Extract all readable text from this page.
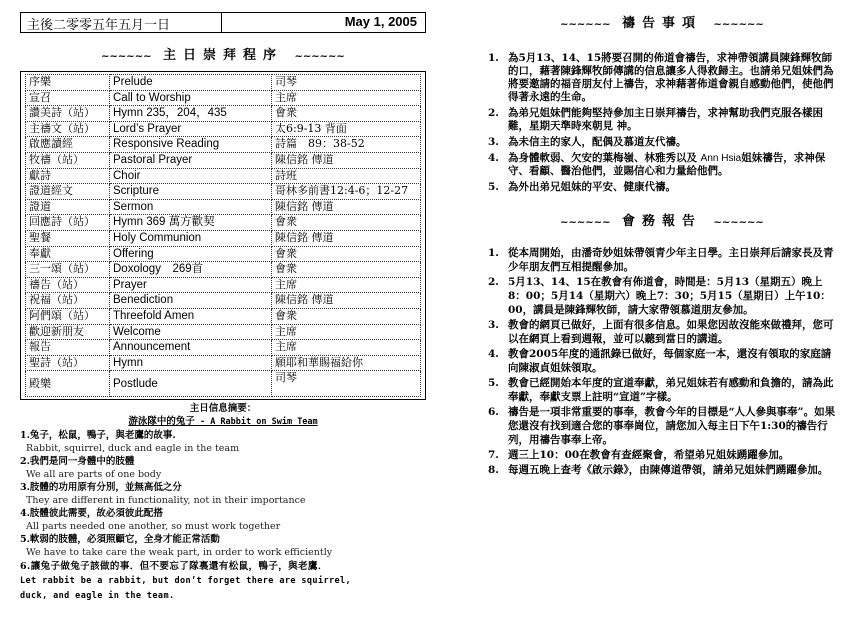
主後二零零五年五月一日	May 1, 2005
~~~~~~ 主日崇拜程序 ~~~~~~
序樂	Prelude	司琴
宣召	Call to Worship	主席
讚美詩（站）	Hymn 235，204，435	會衆
主禱文（站）	Lord’s Prayer	太6:9-13 背面
啟應讀經	Responsive Reading	詩篇　89：38-52
牧禱（站）	Pastoral Prayer	陳信銘 傳道
獻詩	Choir	詩班
證道經文	Scripture	哥林多前書12:4-6；12-27
證道	Sermon	陳信銘 傳道
回應詩（站）	Hymn 369 萬方歡契	會衆
聖餐	Holy Communion	陳信銘 傳道
奉獻	Offering	會衆
三一頌（站）	Doxology　269首	會衆
禱告（站）	Prayer	主席
祝福（站）	Benediction	陳信銘 傳道
阿們頌（站）	Threefold Amen	會衆
歡迎新朋友	Welcome	主席
報告	Announcement	主席
聖詩（站）	Hymn	願耶和華賜福給你
殿樂	Postlude	司琴
主日信息摘要：
游泳隊中的兔子 - A Rabbit on Swim Team
1.兔子，松鼠，鴨子，與老鷹的故事.
Rabbit, squirrel, duck and eagle in the team
2.我們是同一身體中的肢體
We all are parts of one body
3.肢體的功用原有分別，並無高低之分
They are different in functionality, not in their importance
4.肢體彼此需要，故必須彼此配搭
All parts needed one another, so must work together
5.軟弱的肢體，必須照顧它，全身才能正常活動
We have to take care the weak part, in order to work efficiently
6.讓兔子做兔子該做的事．但不要忘了隊裏還有松鼠，鴨子，與老鷹．
Let rabbit be a rabbit, but don’t forget there are squirrel,
duck, and eagle in the team.
~~~~~~ 禱告事項 ~~~~~~
1. 為5月13、14、15將要召開的佈道會禱告，求神帶領講員陳鋒輝牧師的口，藉著陳鋒輝牧師傳講的信息讓多人得救歸主。也請弟兄姐妹們為將要邀請的福音朋友付上禱告，求神藉著佈道會親自感動他們，使他們得著永遠的生命。
2. 為弟兄姐妹們能夠堅持參加主日崇拜禱告，求神幫助我們克服各樣困難，星期天準時來朝見 神。
3. 為未信主的家人，配偶及慕道友代禱。
4. 為身體軟弱、欠安的葉梅嶺、林雅秀以及 Ann Hsia姐妹禱告，求神保守、看顧、醫治他們，並賜信心和力量給他們。
5. 為外出弟兄姐妹的平安、健康代禱。
~~~~~~ 會務報告 ~~~~~~
1. 從本周開始，由潘奇妙姐妹帶領青少年主日學。主日崇拜后請家長及青少年朋友們互相提醒參加。
2. 5月13、14、15在教會有佈道會，時間是：5月13（星期五）晚上8：00；5月14（星期六）晚上7：30；5月15（星期日）上午10：00，講員是陳鋒輝牧師，請大家帶領慕道朋友參加。
3. 教會的網頁已做好，上面有很多信息。如果您因故沒能來做禮拜，您可以在網頁上看到週報，並可以聽到當日的講道。
4. 教會2005年度的通訊錄已做好，每個家庭一本，還沒有領取的家庭請向陳淑貞姐妹領取。
5. 教會已經開始本年度的宣道奉獻，弟兄姐妹若有感動和負擔的，請為此奉獻，奉獻支票上註明“宣道”字樣。
6. 禱告是一項非常重要的事奉，教會今年的目標是“人人參與事奉”。如果您還沒有找到適合您的事奉崗位，請您加入每主日下午1:30的禱告行列，用禱告事奉上帝。
7. 週三上10：00在教會有查經聚會，希望弟兄姐妹踴躍參加。
8. 每週五晚上查考《啟示錄》，由陳傳道帶領，請弟兄姐妹們踴躍參加。
